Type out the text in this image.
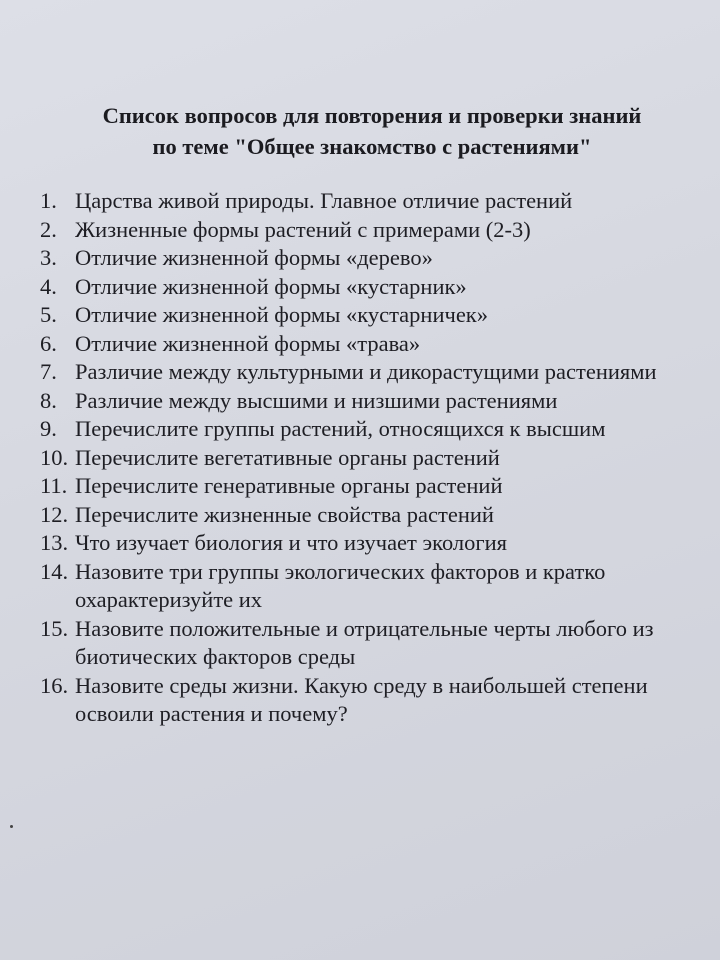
Список вопросов для повторения и проверки знаний
по теме "Общее знакомство с растениями"
1. Царства живой природы. Главное отличие растений
2. Жизненные формы растений с примерами (2-3)
3. Отличие жизненной формы «дерево»
4. Отличие жизненной формы «кустарник»
5. Отличие жизненной формы «кустарничек»
6. Отличие жизненной формы «трава»
7. Различие между культурными и дикорастущими растениями
8. Различие между высшими и низшими растениями
9. Перечислите группы растений, относящихся к высшим
10. Перечислите вегетативные органы растений
11. Перечислите генеративные органы растений
12. Перечислите жизненные свойства растений
13. Что изучает биология и что изучает экология
14. Назовите три группы экологических факторов и кратко охарактеризуйте их
15. Назовите положительные и отрицательные черты любого из биотических факторов среды
16. Назовите среды жизни. Какую среду в наибольшей степени освоили растения и почему?
